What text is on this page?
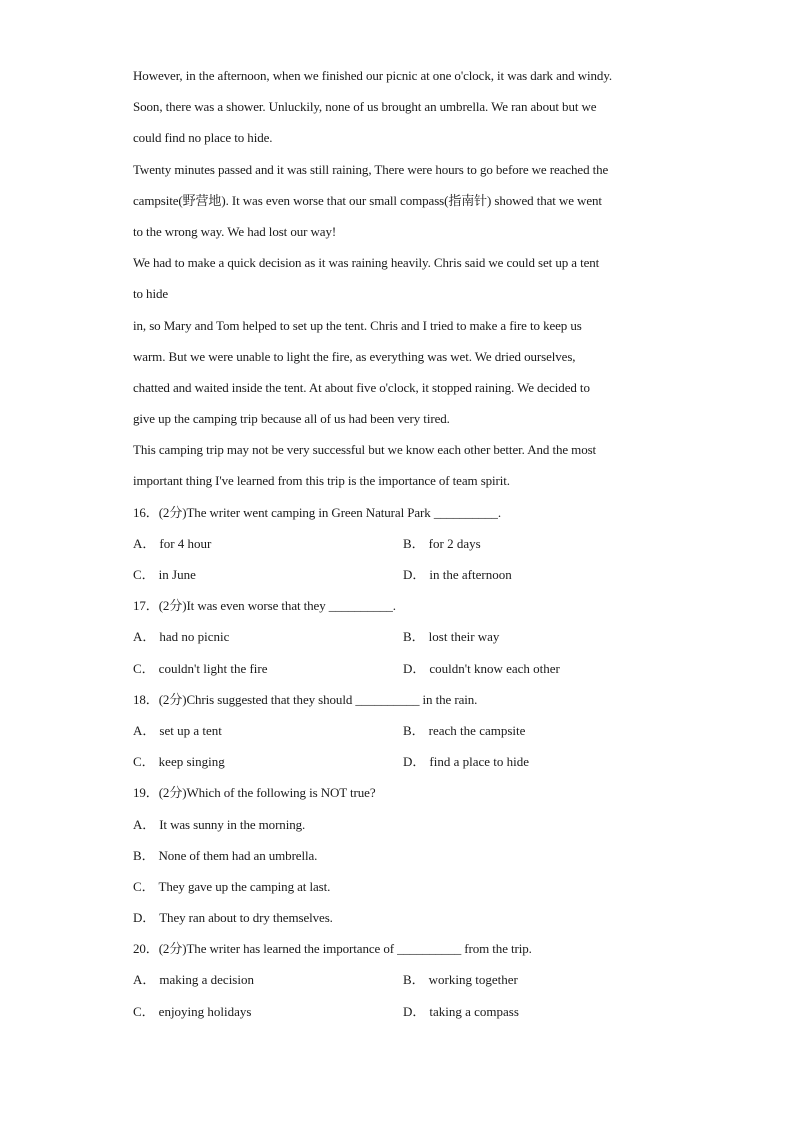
However, in the afternoon, when we finished our picnic at one o'clock, it was dark and windy.
Soon, there was a shower. Unluckily, none of us brought an umbrella. We ran about but we
could find no place to hide.
Twenty minutes passed and it was still raining, There were hours to go before we reached the
campsite(野营地). It was even worse that our small compass(指南针) showed that we went
to the wrong way. We had lost our way!
We had to make a quick decision as it was raining heavily. Chris said we could set up a tent
to hide
in, so Mary and Tom helped to set up the tent. Chris and I tried to make a fire to keep us
warm. But we were unable to light the fire, as everything was wet. We dried ourselves,
chatted and waited inside the tent. At about five o'clock, it stopped raining. We decided to
give up the camping trip because all of us had been very tired.
This camping trip may not be very successful but we know each other better. And the most
important thing I've learned from this trip is the importance of team spirit.
16．(2分)The writer went camping in Green Natural Park __________.
A． for 4 hour	B． for 2 days
C． in June	D． in the afternoon
17．(2分)It was even worse that they __________.
A． had no picnic	B． lost their way
C． couldn't light the fire	D． couldn't know each other
18．(2分)Chris suggested that they should __________ in the rain.
A． set up a tent	B． reach the campsite
C． keep singing	D． find a place to hide
19．(2分)Which of the following is NOT true?
A． It was sunny in the morning.
B． None of them had an umbrella.
C． They gave up the camping at last.
D． They ran about to dry themselves.
20．(2分)The writer has learned the importance of __________ from the trip.
A． making a decision	B． working together
C． enjoying holidays	D． taking a compass
